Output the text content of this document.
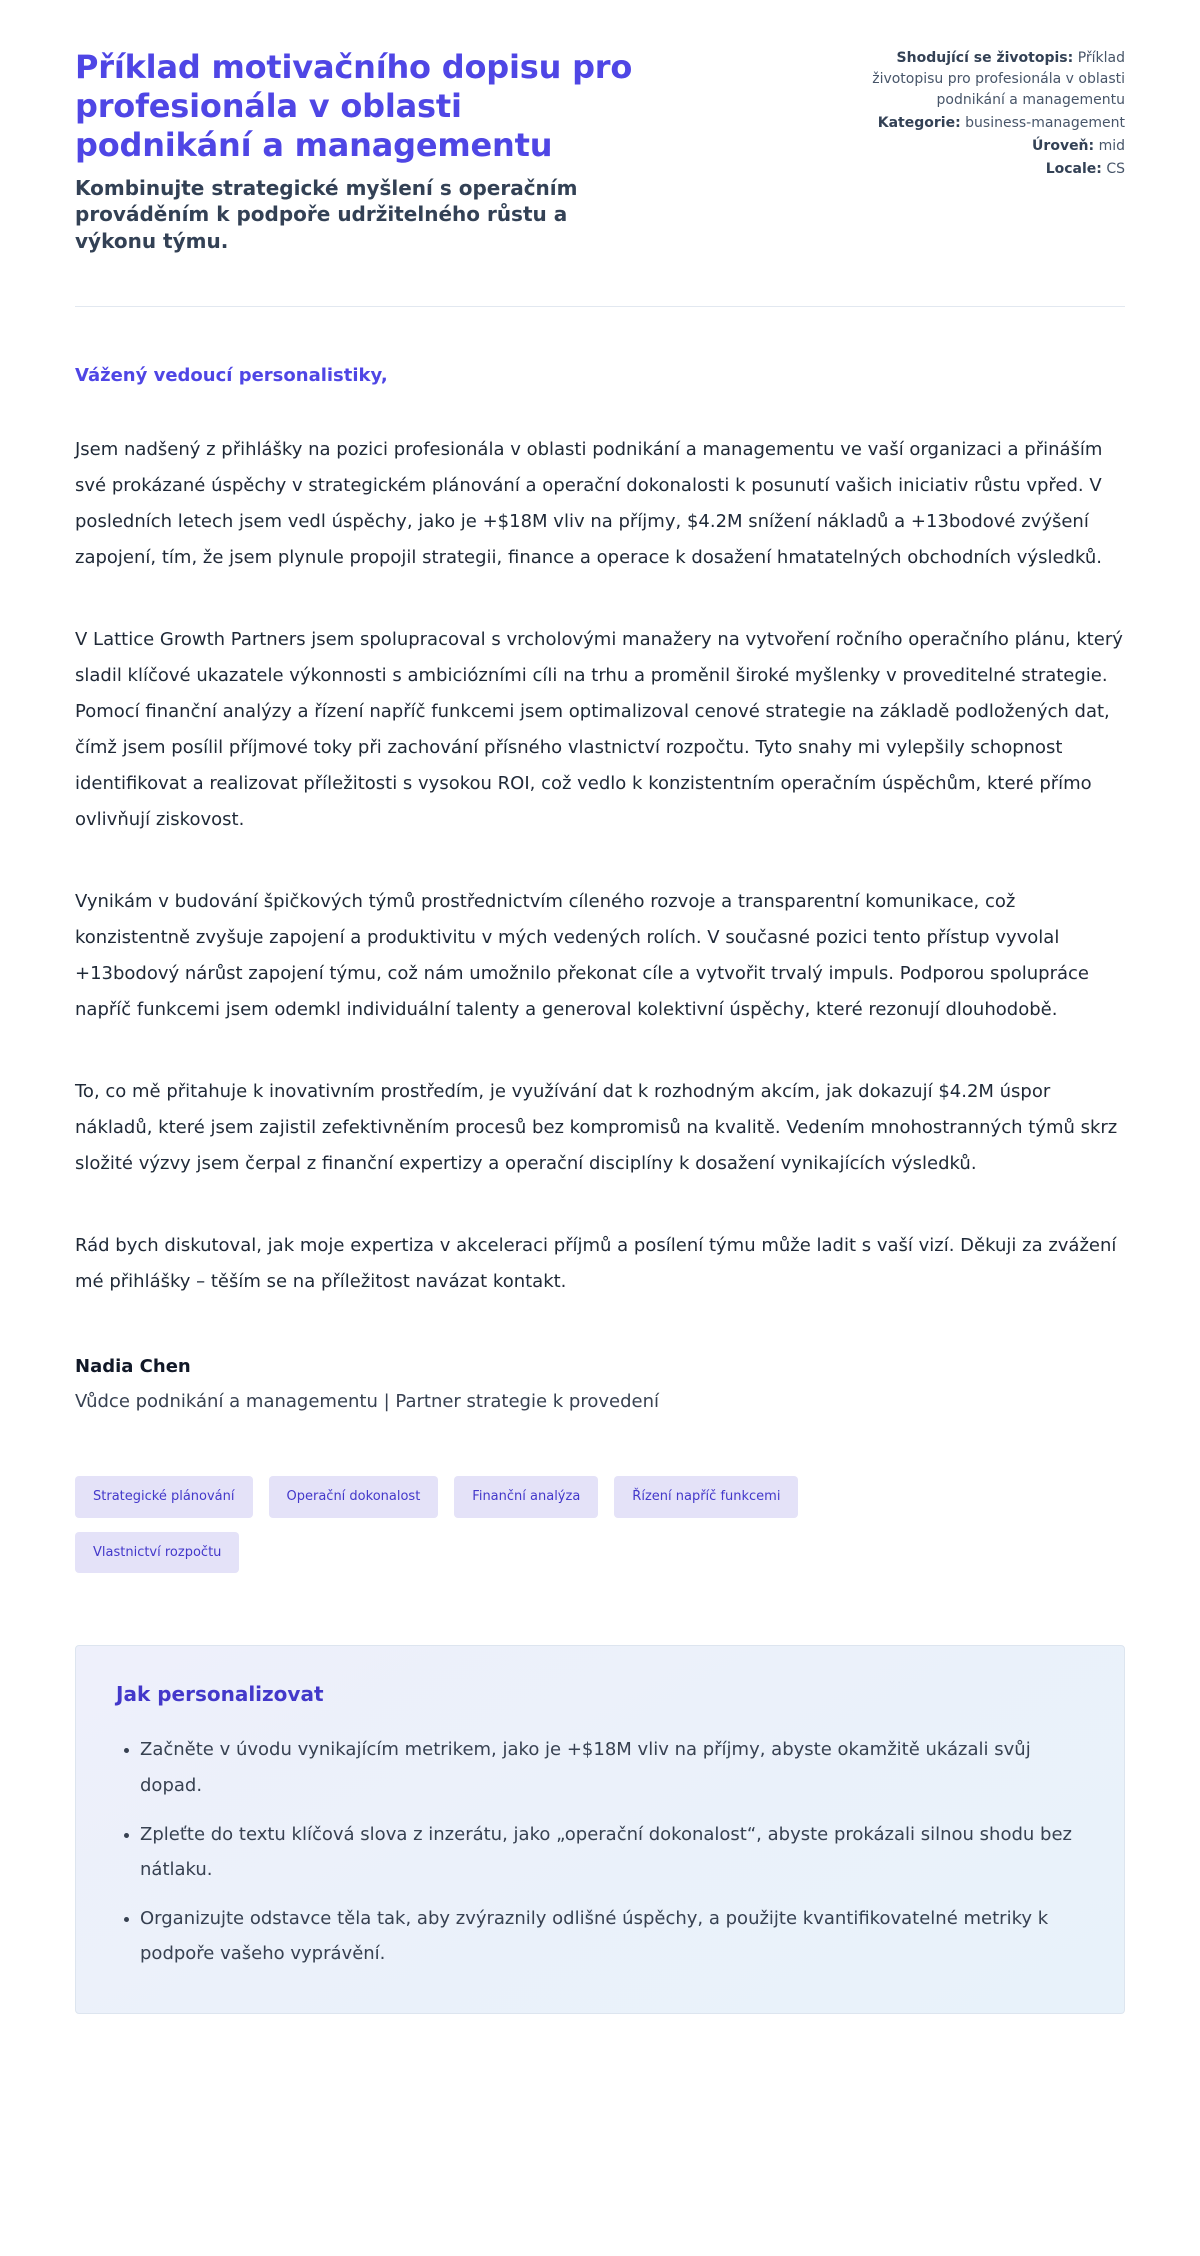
Příklad motivačního dopisu pro profesionála v oblasti podnikání a managementu
Kombinujte strategické myšlení s operačním prováděním k podpoře udržitelného růstu a výkonu týmu.
Shodující se životopis: Příklad životopisu pro profesionála v oblasti podnikání a managementu
Kategorie: business-management
Úroveň: mid
Locale: CS

Vážený vedoucí personalistiky,

Jsem nadšený z přihlášky na pozici profesionála v oblasti podnikání a managementu ve vaší organizaci a přináším své prokázané úspěchy v strategickém plánování a operační dokonalosti k posunutí vašich iniciativ růstu vpřed. V posledních letech jsem vedl úspěchy, jako je +$18M vliv na příjmy, $4.2M snížení nákladů a +13bodové zvýšení zapojení, tím, že jsem plynule propojil strategii, finance a operace k dosažení hmatatelných obchodních výsledků.

V Lattice Growth Partners jsem spolupracoval s vrcholovými manažery na vytvoření ročního operačního plánu, který sladil klíčové ukazatele výkonnosti s ambiciózními cíli na trhu a proměnil široké myšlenky v proveditelné strategie. Pomocí finanční analýzy a řízení napříč funkcemi jsem optimalizoval cenové strategie na základě podložených dat, čímž jsem posílil příjmové toky při zachování přísného vlastnictví rozpočtu. Tyto snahy mi vylepšily schopnost identifikovat a realizovat příležitosti s vysokou ROI, což vedlo k konzistentním operačním úspěchům, které přímo ovlivňují ziskovost.

Vynikám v budování špičkových týmů prostřednictvím cíleného rozvoje a transparentní komunikace, což konzistentně zvyšuje zapojení a produktivitu v mých vedených rolích. V současné pozici tento přístup vyvolal +13bodový nárůst zapojení týmu, což nám umožnilo překonat cíle a vytvořit trvalý impuls. Podporou spolupráce napříč funkcemi jsem odemkl individuální talenty a generoval kolektivní úspěchy, které rezonují dlouhodobě.

To, co mě přitahuje k inovativním prostředím, je využívání dat k rozhodným akcím, jak dokazují $4.2M úspor nákladů, které jsem zajistil zefektivněním procesů bez kompromisů na kvalitě. Vedením mnohostranných týmů skrz složité výzvy jsem čerpal z finanční expertizy a operační disciplíny k dosažení vynikajících výsledků.

Rád bych diskutoval, jak moje expertiza v akceleraci příjmů a posílení týmu může ladit s vaší vizí. Děkuji za zvážení mé přihlášky – těším se na příležitost navázat kontakt.

Nadia Chen
Vůdce podnikání a managementu | Partner strategie k provedení
Strategické plánování	Operační dokonalost	Finanční analýza	Řízení napříč funkcemi
Vlastnictví rozpočtu
Jak personalizovat
• Začněte v úvodu vynikajícím metrikem, jako je +$18M vliv na příjmy, abyste okamžitě ukázali svůj dopad.
• Zpleťte do textu klíčová slova z inzerátu, jako „operační dokonalost“, abyste prokázali silnou shodu bez nátlaku.
• Organizujte odstavce těla tak, aby zvýraznily odlišné úspěchy, a použijte kvantifikovatelné metriky k podpoře vašeho vyprávění.
